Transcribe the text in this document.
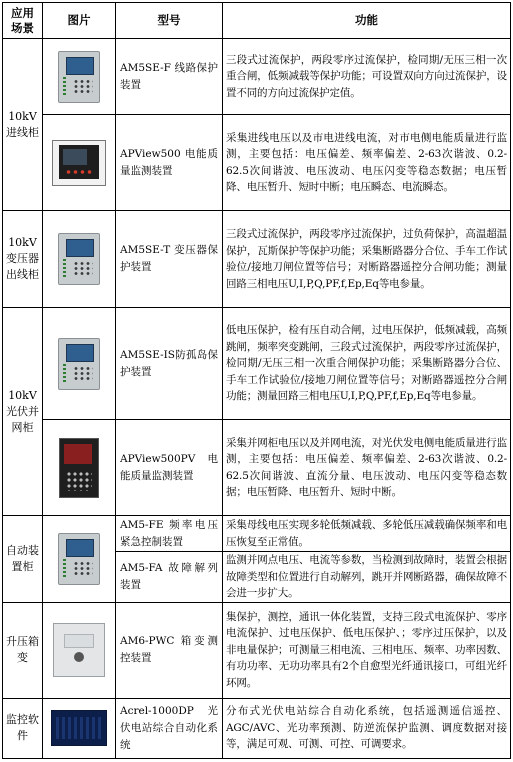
应用场景	图片	型号	功能
10kV进线柜		AM5SE-F 线路保护装置	三段式过流保护，两段零序过流保护，检同期/无压三相一次重合闸，低频减载等保护功能；可设置双向方向过流保护，设置不同的方向过流保护定值。

		APView500 电能质量监测装置	采集进线电压以及市电进线电流，对市电侧电能质量进行监测，主要包括：电压偏差、频率偏差、2-63次谐波、0.2-62.5次间谐波、电压波动、电压闪变等稳态数据；电压暂降、电压暂升、短时中断；电压瞬态、电流瞬态。
10kV变压器出线柜		AM5SE-T 变压器保护装置	三段式过流保护，两段零序过流保护，过负荷保护，高温超温保护，瓦斯保护等保护功能；采集断路器分合位、手车工作试验位/接地刀闸位置等信号；对断路器遥控分合闸功能；测量回路三相电压U,I,P,Q,PF,f,Ep,Eq等电参量。
10kV光伏并网柜		AM5SE-IS防孤岛保护装置	低电压保护，检有压自动合闸，过电压保护，低频减载，高频跳闸，频率突变跳闸，三段式过流保护，两段零序过流保护，检同期/无压三相一次重合闸保护功能；采集断路器分合位、手车工作试验位/接地刀闸位置等信号；对断路器遥控分合闸功能；测量回路三相电压U,I,P,Q,PF,f,Ep,Eq等电参量。

		APView500PV 电能质量监测装置	采集并网柜电压以及并网电流，对光伏发电侧电能质量进行监测，主要包括：电压偏差、频率偏差、2-63次谐波、0.2-62.5次间谐波、直流分量、电压波动、电压闪变等稳态数据；电压暂降、电压暂升、短时中断。
自动装置柜		AM5-FE 频率电压紧急控制装置	采集母线电压实现多轮低频减载、多轮低压减载确保频率和电压恢复至正常值。
		AM5-FA 故障解列装置	监测并网点电压、电流等参数，当检测到故障时，装置会根据故障类型和位置进行自动解列，跳开并网断路器，确保故障不会进一步扩大。
升压箱变		AM6-PWC 箱变测控装置	集保护，测控，通讯一体化装置，支持三段式电流保护、零序电流保护、过电压保护、低电压保护、；零序过压保护，以及非电量保护；可测量三相电流、三相电压、频率、功率因数、有功功率、无功功率具有2个自愈型光纤通讯接口，可组光纤环网。
监控软件		Acrel-1000DP 光伏电站综合自动化系统	分布式光伏电站综合自动化系统，包括遥测遥信遥控、AGC/AVC、光功率预测、防逆流保护监测、调度数据对接等，满足可观、可测、可控、可调要求。
